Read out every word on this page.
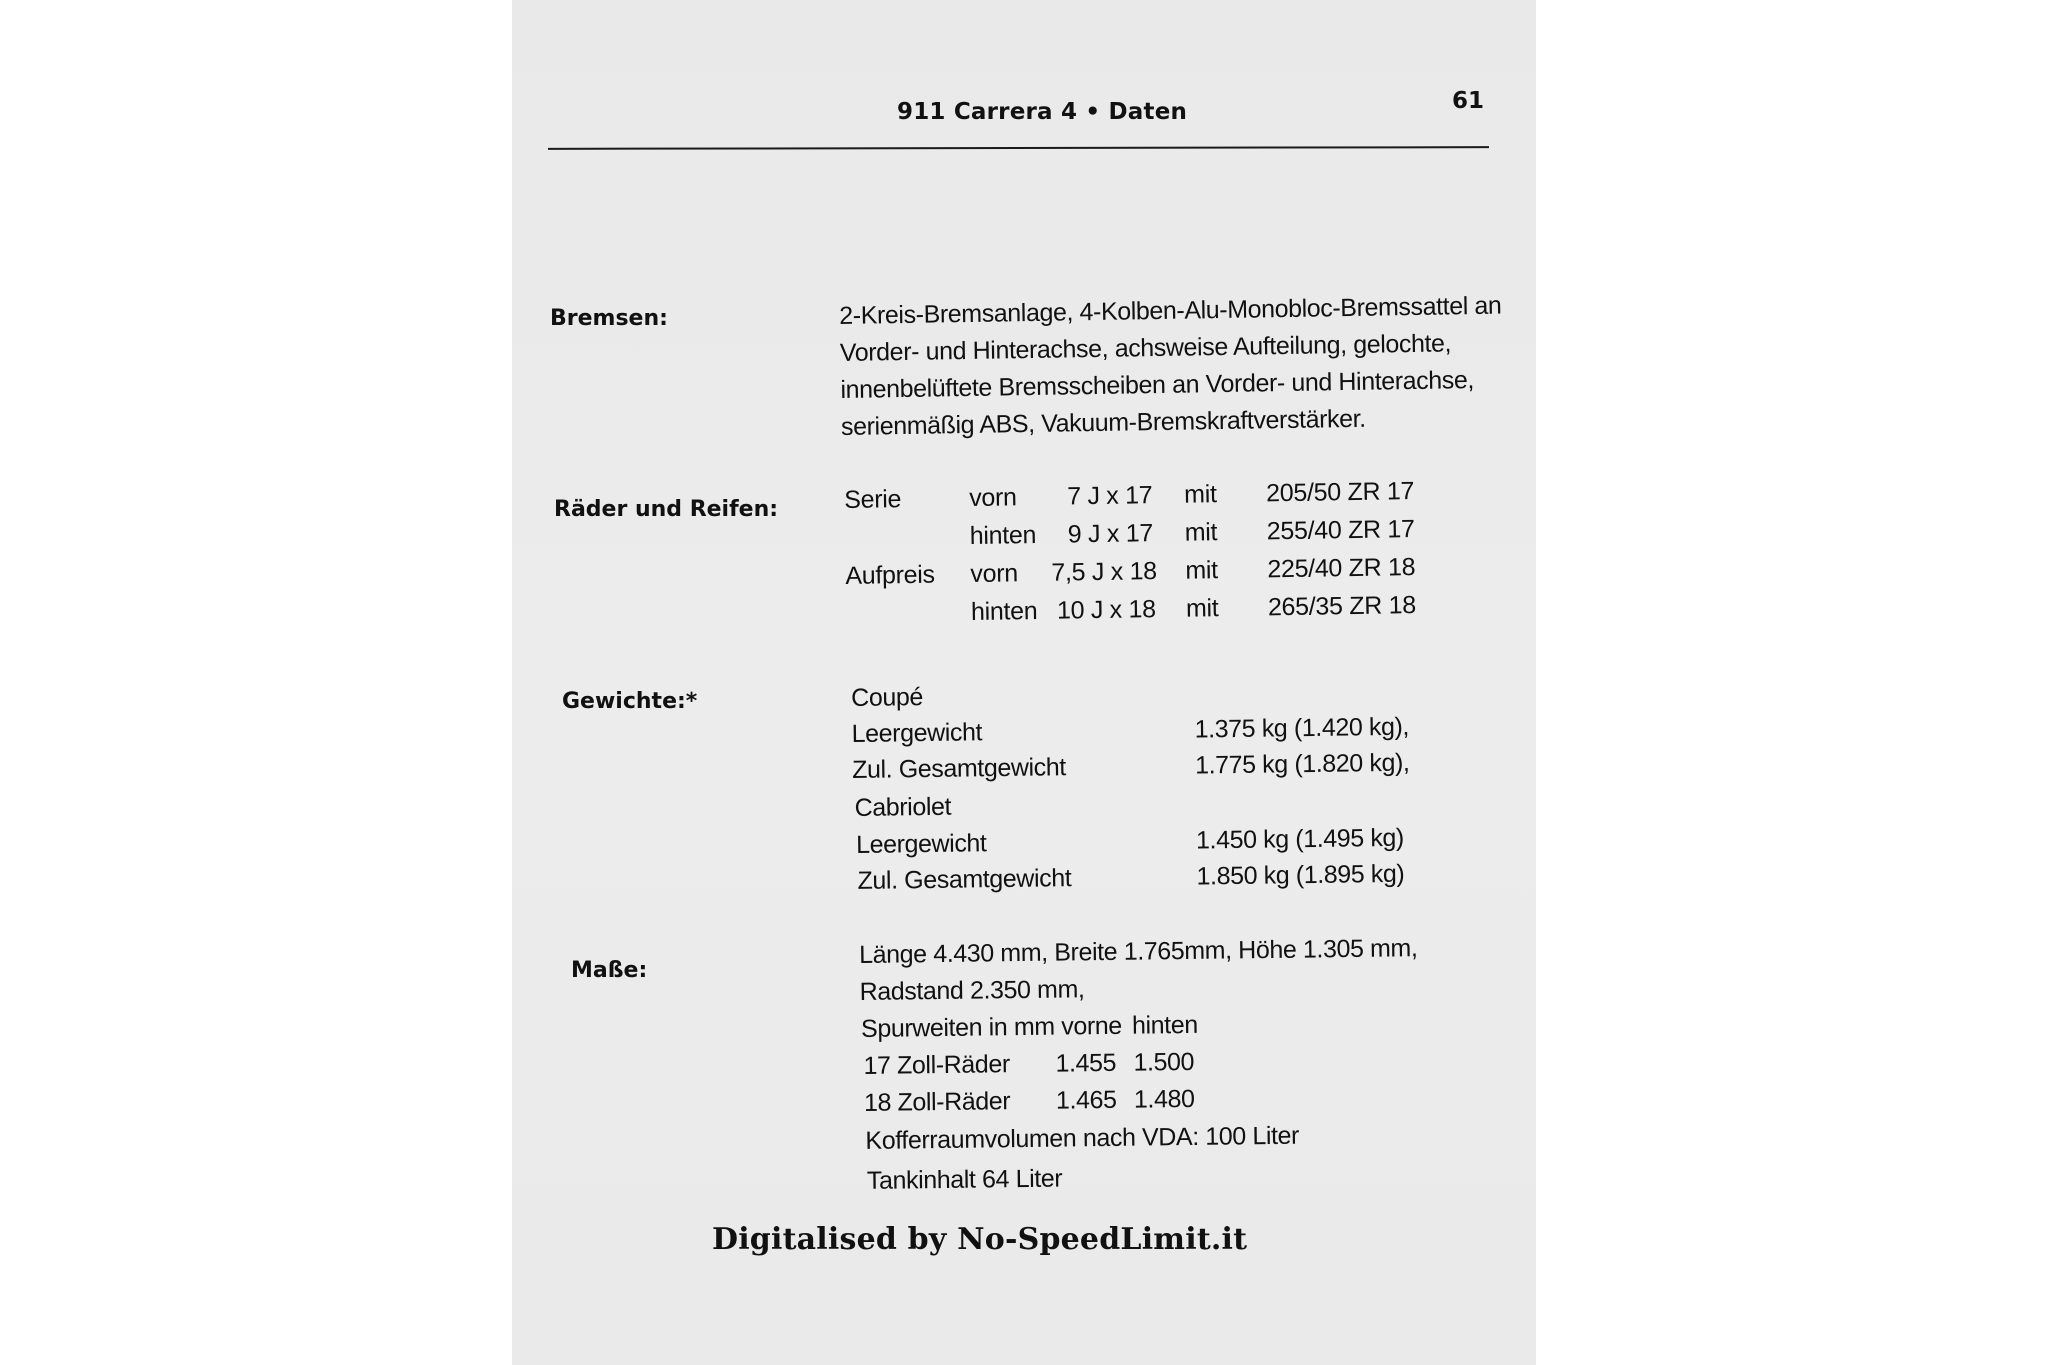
911 Carrera 4 • Daten	61
Bremsen:	2-Kreis-Bremsanlage, 4-Kolben-Alu-Monobloc-Bremssattel an
Vorder- und Hinterachse, achsweise Aufteilung, gelochte,
innenbelüftete Bremsscheiben an Vorder- und Hinterachse,
serienmäßig ABS, Vakuum-Bremskraftverstärker.
Räder und Reifen:	Serie	vorn 7 J x 17 mit 205/50 ZR 17
hinten 9 J x 17 mit 255/40 ZR 17
Aufpreis vorn 7,5 J x 18 mit 225/40 ZR 18
hinten 10 J x 18 mit 265/35 ZR 18
Gewichte:*	Coupé
Leergewicht	1.375 kg (1.420 kg),
Zul. Gesamtgewicht	1.775 kg (1.820 kg),
Cabriolet
Leergewicht	1.450 kg (1.495 kg)
Zul. Gesamtgewicht	1.850 kg (1.895 kg)
Maße:
Länge 4.430 mm, Breite 1.765mm, Höhe 1.305 mm,
Radstand 2.350 mm,
Spurweiten in mm vorne hinten
17 Zoll-Räder 1.455 1.500
18 Zoll-Räder 1.465 1.480
Kofferraumvolumen nach VDA: 100 Liter
Tankinhalt 64 Liter
Digitalised by No-SpeedLimit.it
